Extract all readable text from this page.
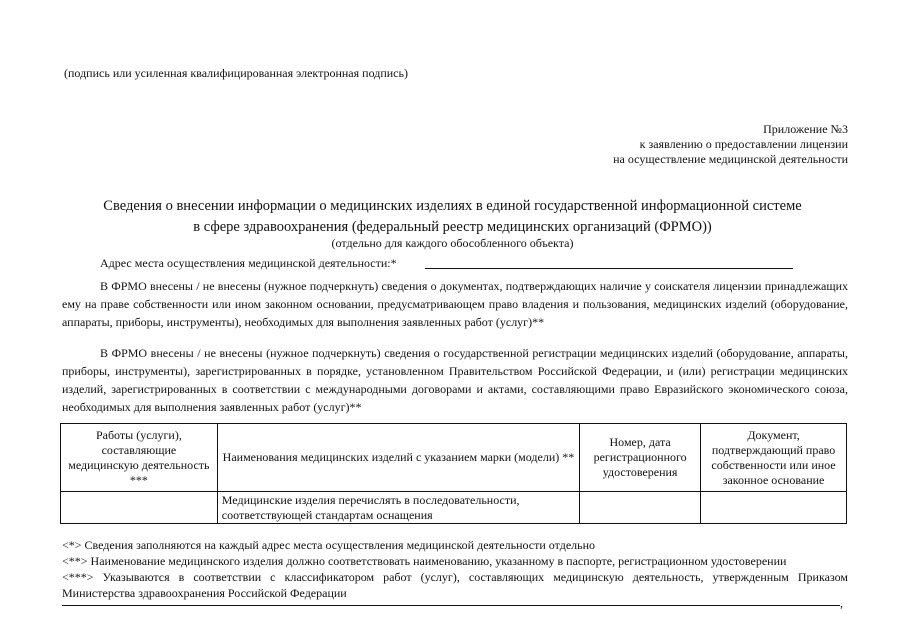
(подпись или усиленная квалифицированная электронная подпись)
Приложение №3
к заявлению о предоставлении лицензии
на осуществление медицинской деятельности
Сведения о внесении информации о медицинских изделиях в единой государственной информационной системе
в сфере здравоохранения (федеральный реестр медицинских организаций (ФРМО))
(отдельно для каждого обособленного объекта)
Адрес места осуществления медицинской деятельности:*
В ФРМО внесены / не внесены (нужное подчеркнуть) сведения о документах, подтверждающих наличие у соискателя лицензии принадлежащих ему на праве собственности или ином законном основании, предусматривающем право владения и пользования, медицинских изделий (оборудование, аппараты, приборы, инструменты), необходимых для выполнения заявленных работ (услуг)**
В ФРМО внесены / не внесены (нужное подчеркнуть) сведения о государственной регистрации медицинских изделий (оборудование, аппараты, приборы, инструменты), зарегистрированных в порядке, установленном Правительством Российской Федерации, и (или) регистрации медицинских изделий, зарегистрированных в соответствии с международными договорами и актами, составляющими право Евразийского экономического союза, необходимых для выполнения заявленных работ (услуг)**
Работы (услуги), составляющие медицинскую деятельность ***	Наименования медицинских изделий с указанием марки (модели) **	Номер, дата регистрационного удостоверения	Документ, подтверждающий право собственности или иное законное основание
	Медицинские изделия перечислять в последовательности, соответствующей стандартам оснащения		
<*> Сведения заполняются на каждый адрес места осуществления медицинской деятельности отдельно
<**> Наименование медицинского изделия должно соответствовать наименованию, указанному в паспорте, регистрационном удостоверении
<***> Указываются в соответствии с классификатором работ (услуг), составляющих медицинскую деятельность, утвержденным Приказом Министерства здравоохранения Российской Федерации
,
